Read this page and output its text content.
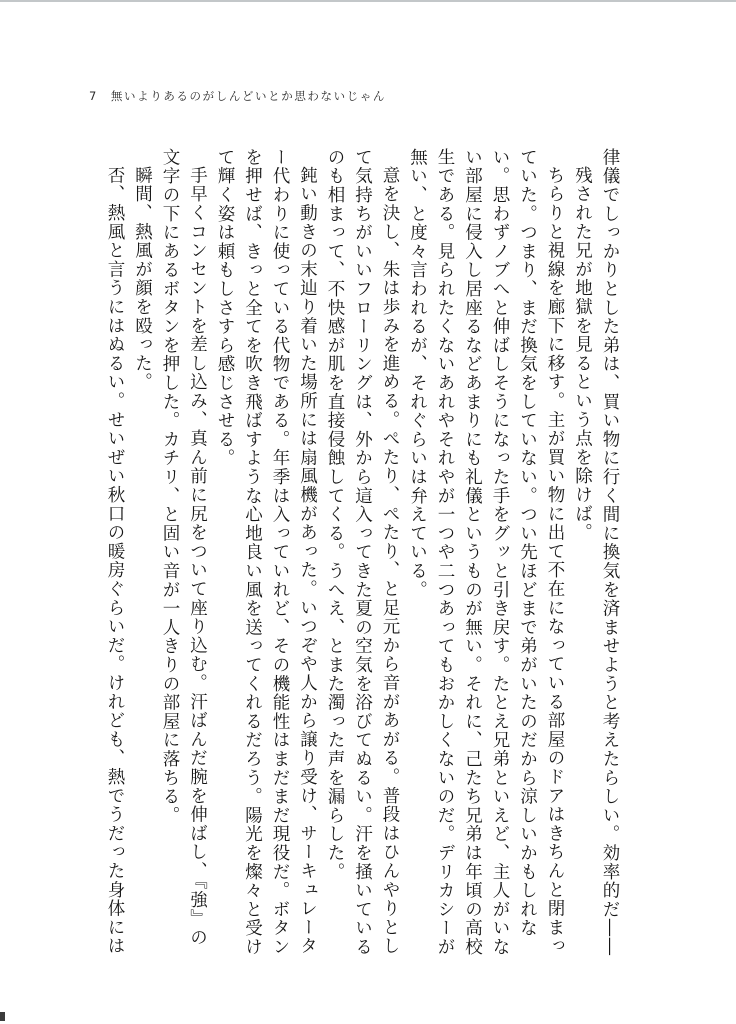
7 無いよりあるのがしんどいとか思わないじゃん

律儀でしっかりとした弟は、買い物に行く間に換気を済ませようと考えたらしい。効率的だ――

残された兄が地獄を見るという点を除けば。

ちらりと視線を廊下に移す。主が買い物に出て不在になっている部屋のドアはきちんと閉まっていた。つまり、まだ換気をしていない。つい先ほどまで弟がいたのだから涼しいかもしれない。思わずノブへと伸ばしそうになった手をグッと引き戻す。たとえ兄弟といえど、主人がいない部屋に侵入し居座るなどあまりにも礼儀というものが無い。それに、己たち兄弟は年頃の高校生である。見られたくないあれやそれやが一つや二つあってもおかしくないのだ。デリカシーが無い、と度々言われるが、それぐらいは弁えている。

意を決し、朱は歩みを進める。ぺたり、ぺたり、と足元から音があがる。普段はひんやりとして気持ちがいいフローリングは、外から這入ってきた夏の空気を浴びてぬるい。汗を掻いているのも相まって、不快感が肌を直接侵蝕してくる。うへえ、とまた濁った声を漏らした。

鈍い動きの末辿り着いた場所には扇風機があった。いつぞや人から譲り受け、サーキュレーター代わりに使っている代物である。年季は入っていれど、その機能性はまだまだ現役だ。ボタンを押せば、きっと全てを吹き飛ばすような心地良い風を送ってくれるだろう。陽光を燦々と受けて輝く姿は頼もしさすら感じさせる。

手早くコンセントを差し込み、真ん前に尻をついて座り込む。汗ばんだ腕を伸ばし、『強』の文字の下にあるボタンを押した。カチリ、と固い音が一人きりの部屋に落ちる。

瞬間、熱風が顔を殴った。

否、熱風と言うにはぬるい。せいぜい秋口の暖房ぐらいだ。けれども、熱でうだった身体には
